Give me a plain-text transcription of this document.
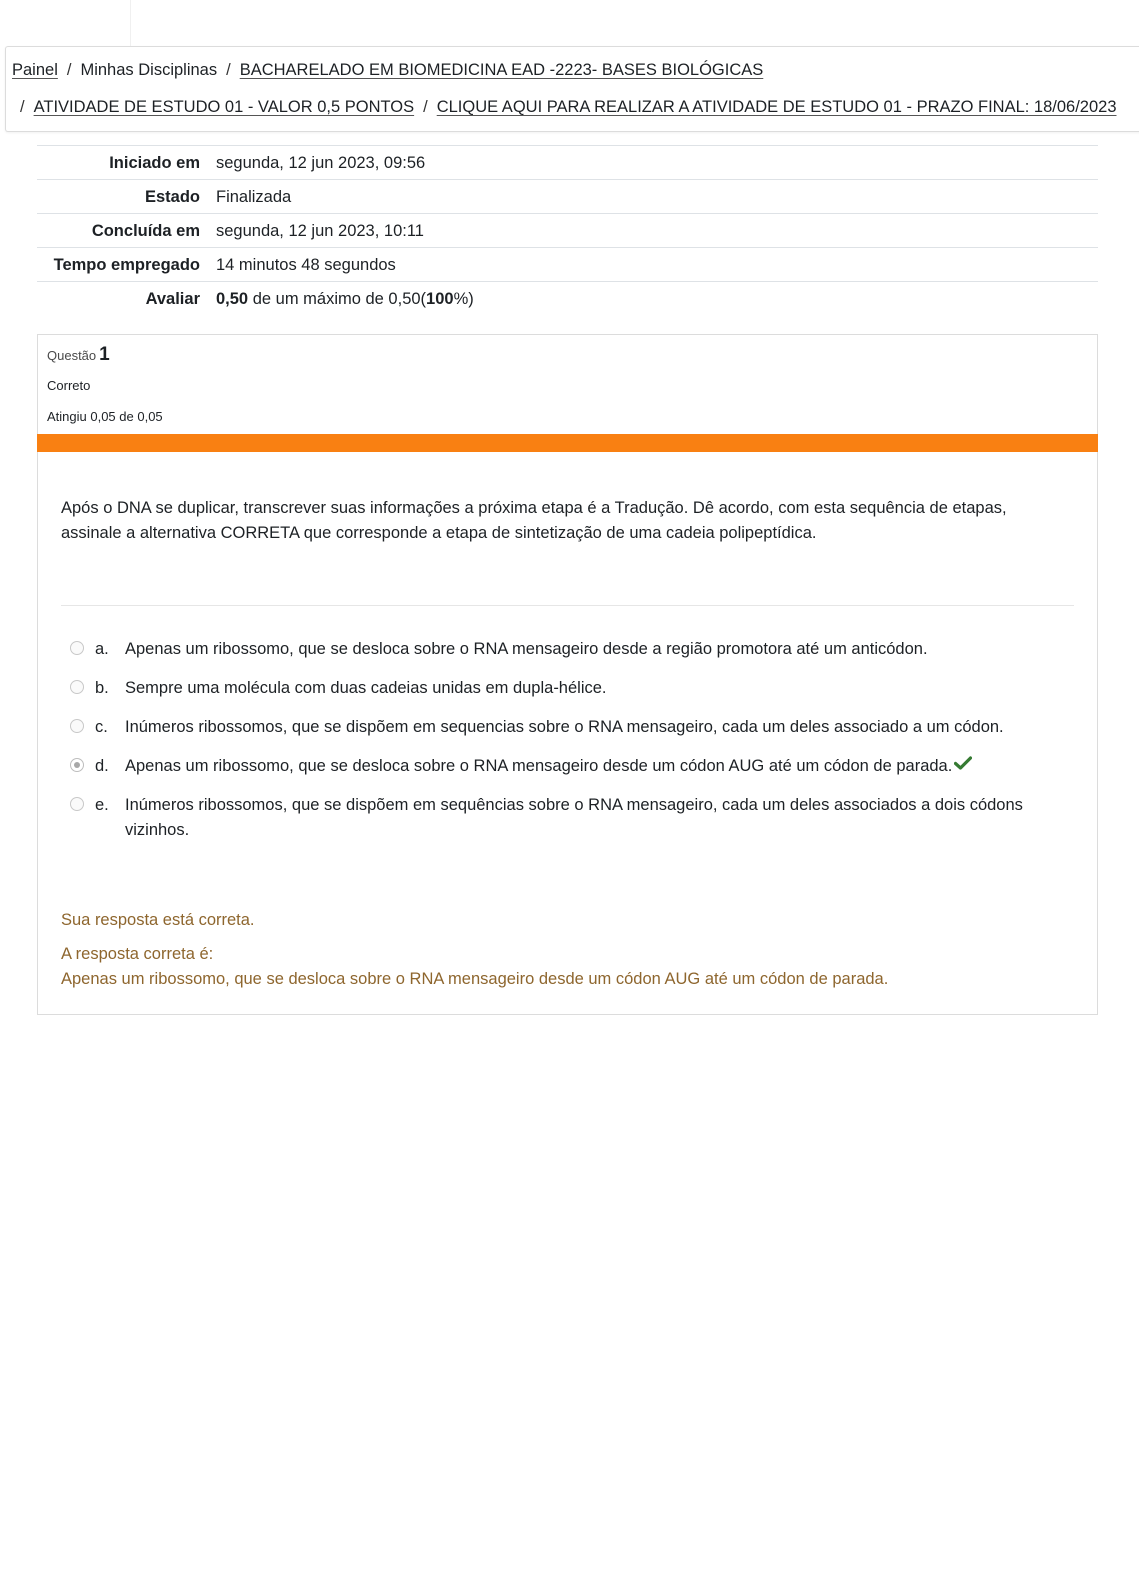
Painel / Minhas Disciplinas / BACHARELADO EM BIOMEDICINA EAD -2223- BASES BIOLÓGICAS
/ ATIVIDADE DE ESTUDO 01 - VALOR 0,5 PONTOS / CLIQUE AQUI PARA REALIZAR A ATIVIDADE DE ESTUDO 01 - PRAZO FINAL: 18/06/2023
Iniciado em	segunda, 12 jun 2023, 09:56
Estado	Finalizada
Concluída em	segunda, 12 jun 2023, 10:11
Tempo empregado	14 minutos 48 segundos
Avaliar	0,50 de um máximo de 0,50(100%)
Questão 1
Correto
Atingiu 0,05 de 0,05
Após o DNA se duplicar, transcrever suas informações a próxima etapa é a Tradução. Dê acordo, com esta sequência de etapas, assinale a alternativa CORRETA que corresponde a etapa de sintetização de uma cadeia polipeptídica.
a. Apenas um ribossomo, que se desloca sobre o RNA mensageiro desde a região promotora até um anticódon.
b. Sempre uma molécula com duas cadeias unidas em dupla-hélice.
c. Inúmeros ribossomos, que se dispõem em sequencias sobre o RNA mensageiro, cada um deles associado a um códon.
d. Apenas um ribossomo, que se desloca sobre o RNA mensageiro desde um códon AUG até um códon de parada.
e. Inúmeros ribossomos, que se dispõem em sequências sobre o RNA mensageiro, cada um deles associados a dois códons vizinhos.
Sua resposta está correta.
A resposta correta é:
Apenas um ribossomo, que se desloca sobre o RNA mensageiro desde um códon AUG até um códon de parada.
